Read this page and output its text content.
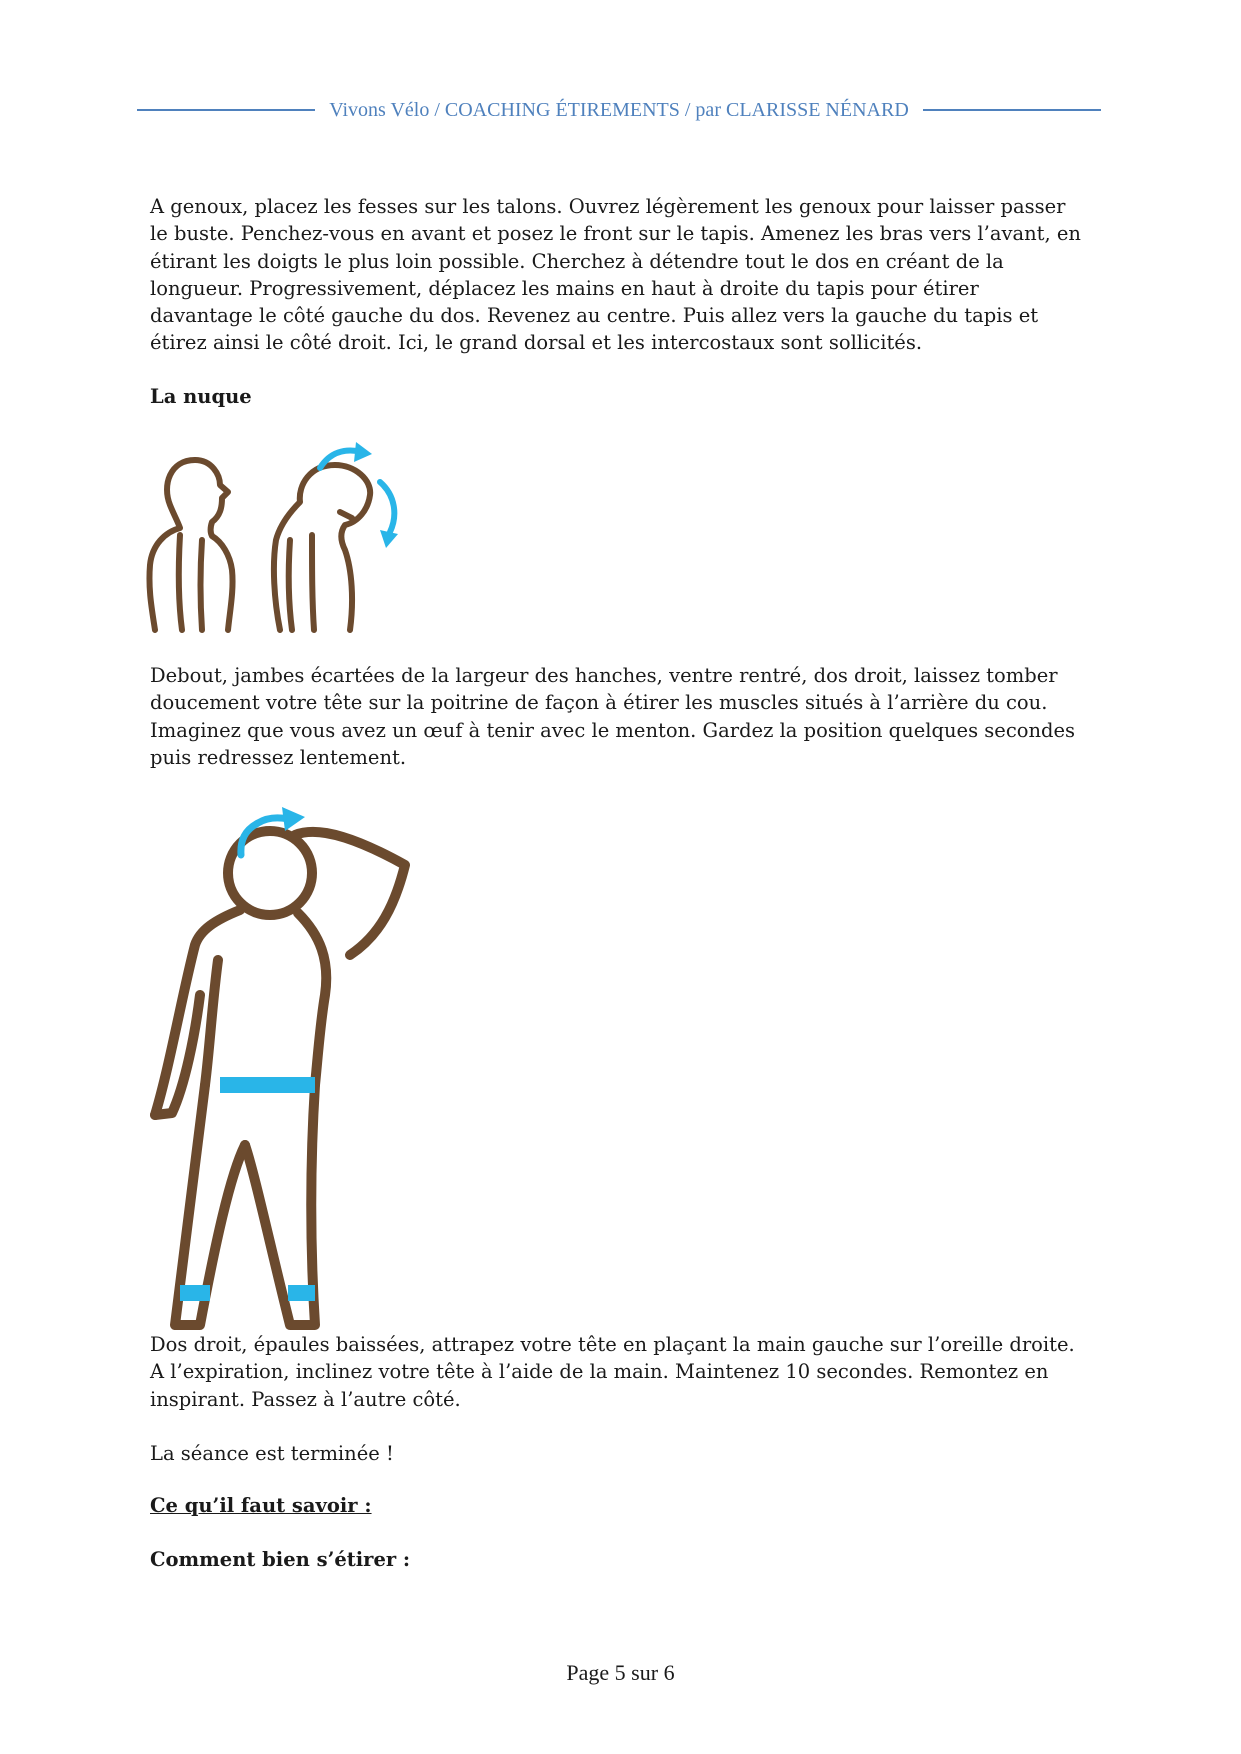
Vivons Vélo / COACHING ÉTIREMENTS / par CLARISSE NÉNARD

A genoux, placez les fesses sur les talons. Ouvrez légèrement les genoux pour laisser passer le buste. Penchez-vous en avant et posez le front sur le tapis. Amenez les bras vers l’avant, en étirant les doigts le plus loin possible. Cherchez à détendre tout le dos en créant de la longueur. Progressivement, déplacez les mains en haut à droite du tapis pour étirer davantage le côté gauche du dos. Revenez au centre. Puis allez vers la gauche du tapis et étirez ainsi le côté droit. Ici, le grand dorsal et les intercostaux sont sollicités.

La nuque

Debout, jambes écartées de la largeur des hanches, ventre rentré, dos droit, laissez tomber doucement votre tête sur la poitrine de façon à étirer les muscles situés à l’arrière du cou. Imaginez que vous avez un œuf à tenir avec le menton. Gardez la position quelques secondes puis redressez lentement.

Dos droit, épaules baissées, attrapez votre tête en plaçant la main gauche sur l’oreille droite. A l’expiration, inclinez votre tête à l’aide de la main. Maintenez 10 secondes. Remontez en inspirant. Passez à l’autre côté.

La séance est terminée !

Ce qu’il faut savoir :

Comment bien s’étirer :

Page 5 sur 6
